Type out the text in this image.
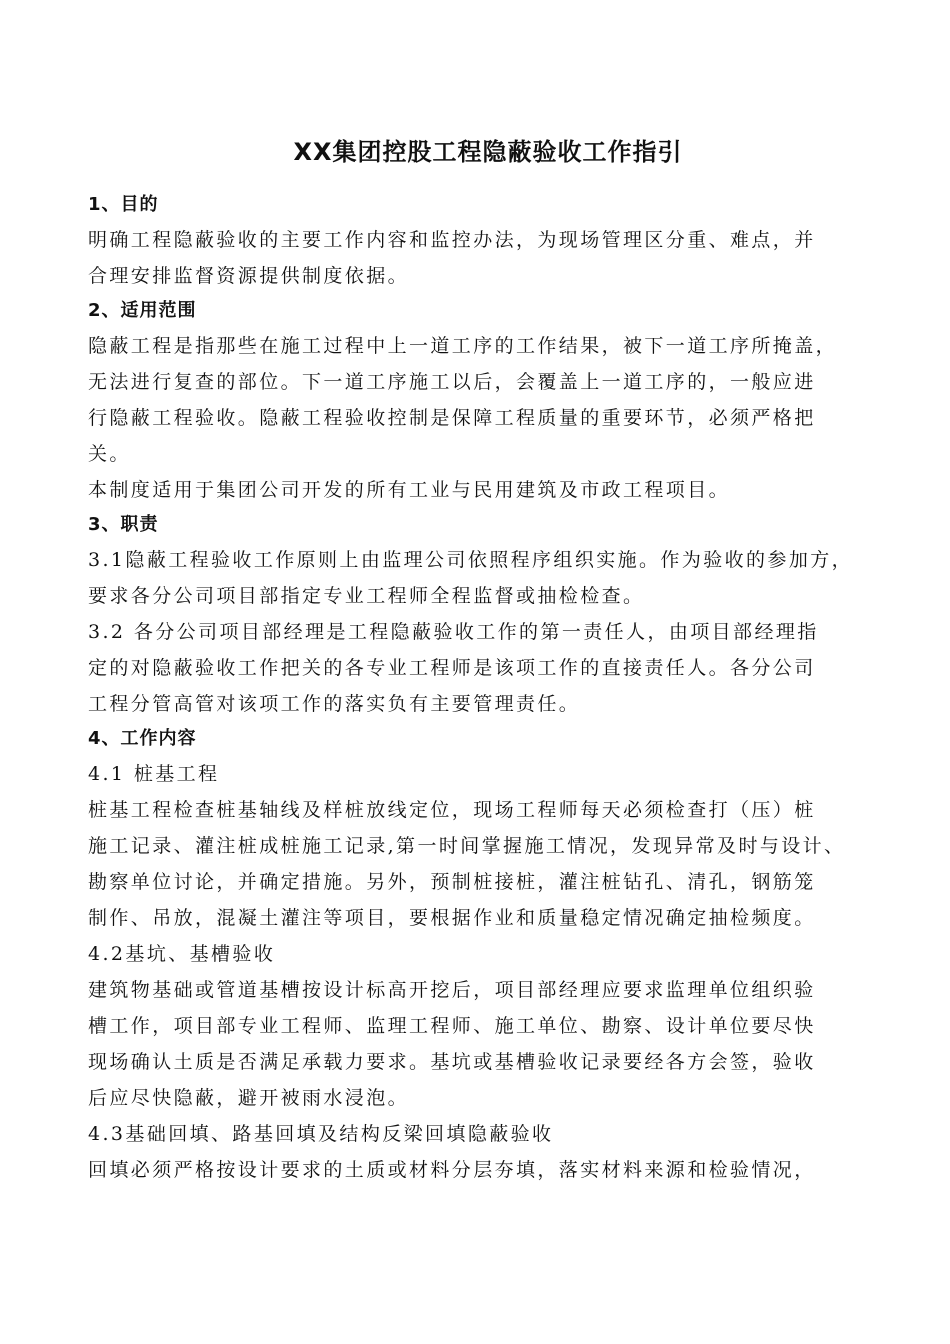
XX集团控股工程隐蔽验收工作指引
1、目的
明确工程隐蔽验收的主要工作内容和监控办法，为现场管理区分重、难点，并
合理安排监督资源提供制度依据。
2、适用范围
隐蔽工程是指那些在施工过程中上一道工序的工作结果，被下一道工序所掩盖，
无法进行复查的部位。下一道工序施工以后，会覆盖上一道工序的，一般应进
行隐蔽工程验收。隐蔽工程验收控制是保障工程质量的重要环节，必须严格把
关。
本制度适用于集团公司开发的所有工业与民用建筑及市政工程项目。
3、职责
3.1隐蔽工程验收工作原则上由监理公司依照程序组织实施。作为验收的参加方，
要求各分公司项目部指定专业工程师全程监督或抽检检查。
3.2 各分公司项目部经理是工程隐蔽验收工作的第一责任人，由项目部经理指
定的对隐蔽验收工作把关的各专业工程师是该项工作的直接责任人。各分公司
工程分管高管对该项工作的落实负有主要管理责任。
4、工作内容
4.1 桩基工程
桩基工程检查桩基轴线及样桩放线定位，现场工程师每天必须检查打（压）桩
施工记录、灌注桩成桩施工记录,第一时间掌握施工情况，发现异常及时与设计、
勘察单位讨论，并确定措施。另外，预制桩接桩，灌注桩钻孔、清孔，钢筋笼
制作、吊放，混凝土灌注等项目，要根据作业和质量稳定情况确定抽检频度。
4.2基坑、基槽验收
建筑物基础或管道基槽按设计标高开挖后，项目部经理应要求监理单位组织验
槽工作，项目部专业工程师、监理工程师、施工单位、勘察、设计单位要尽快
现场确认土质是否满足承载力要求。基坑或基槽验收记录要经各方会签，验收
后应尽快隐蔽，避开被雨水浸泡。
4.3基础回填、路基回填及结构反梁回填隐蔽验收
回填必须严格按设计要求的土质或材料分层夯填，落实材料来源和检验情况，
